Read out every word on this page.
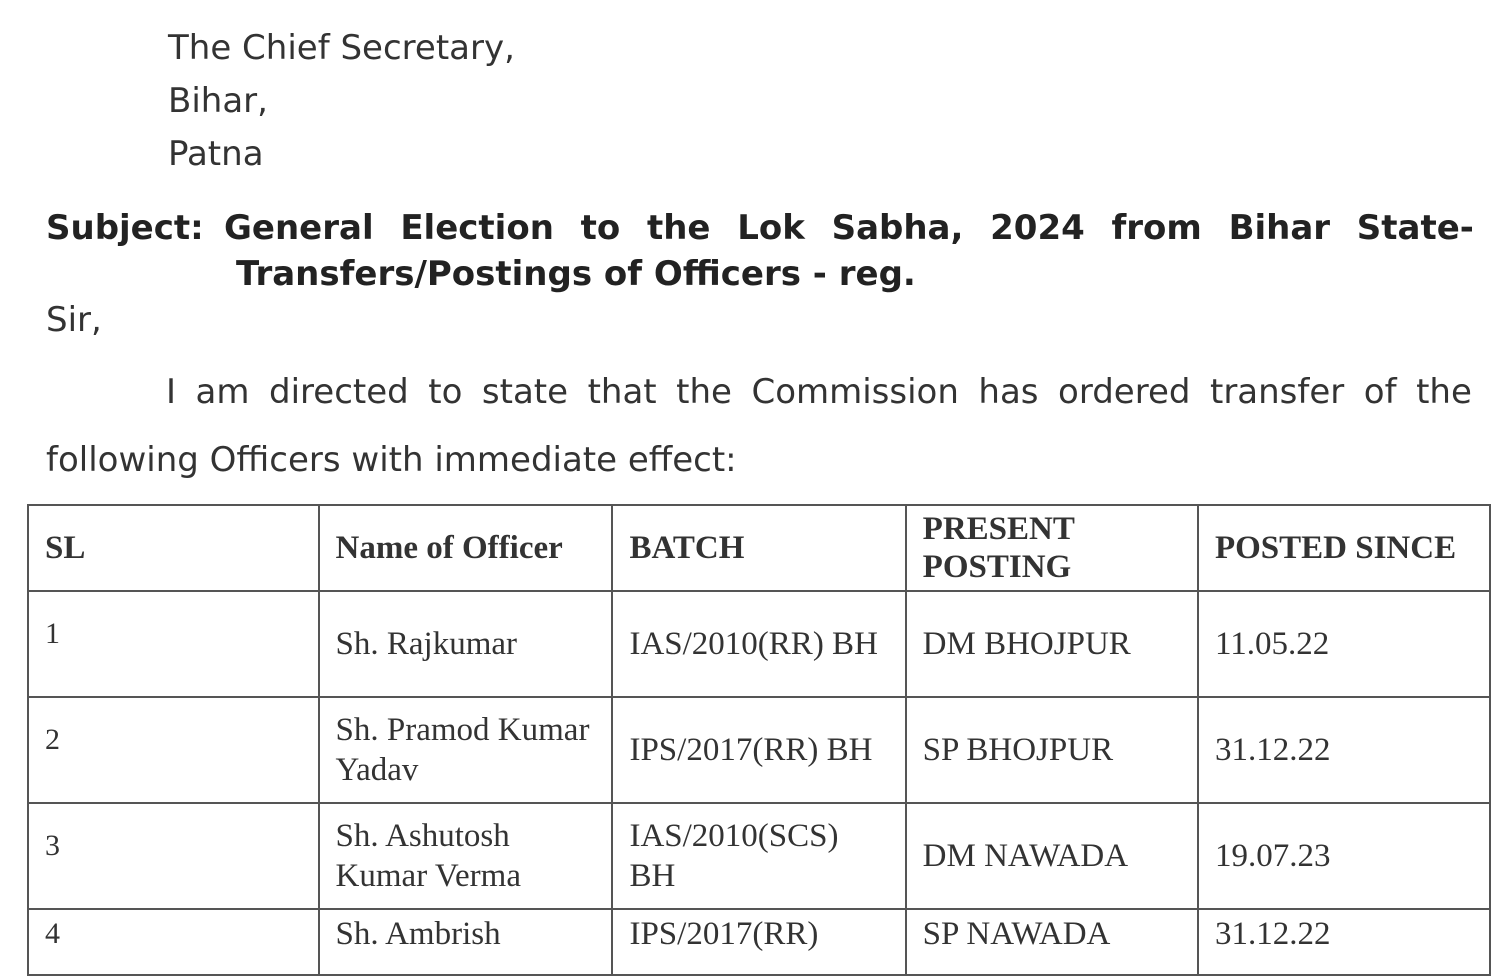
The Chief Secretary,
Bihar,
Patna
Subject: General Election to the Lok Sabha, 2024 from Bihar State-
Transfers/Postings of Officers - reg.
Sir,
I am directed to state that the Commission has ordered transfer of the
following Officers with immediate effect:
SL	Name of Officer	BATCH	PRESENT POSTING	POSTED SINCE
1	Sh. Rajkumar	IAS/2010(RR) BH	DM BHOJPUR	11.05.22
2	Sh. Pramod Kumar Yadav	IPS/2017(RR) BH	SP BHOJPUR	31.12.22
3	Sh. Ashutosh Kumar Verma	IAS/2010(SCS) BH	DM NAWADA	19.07.23
4	Sh. Ambrish	IPS/2017(RR)	SP NAWADA	31.12.22
